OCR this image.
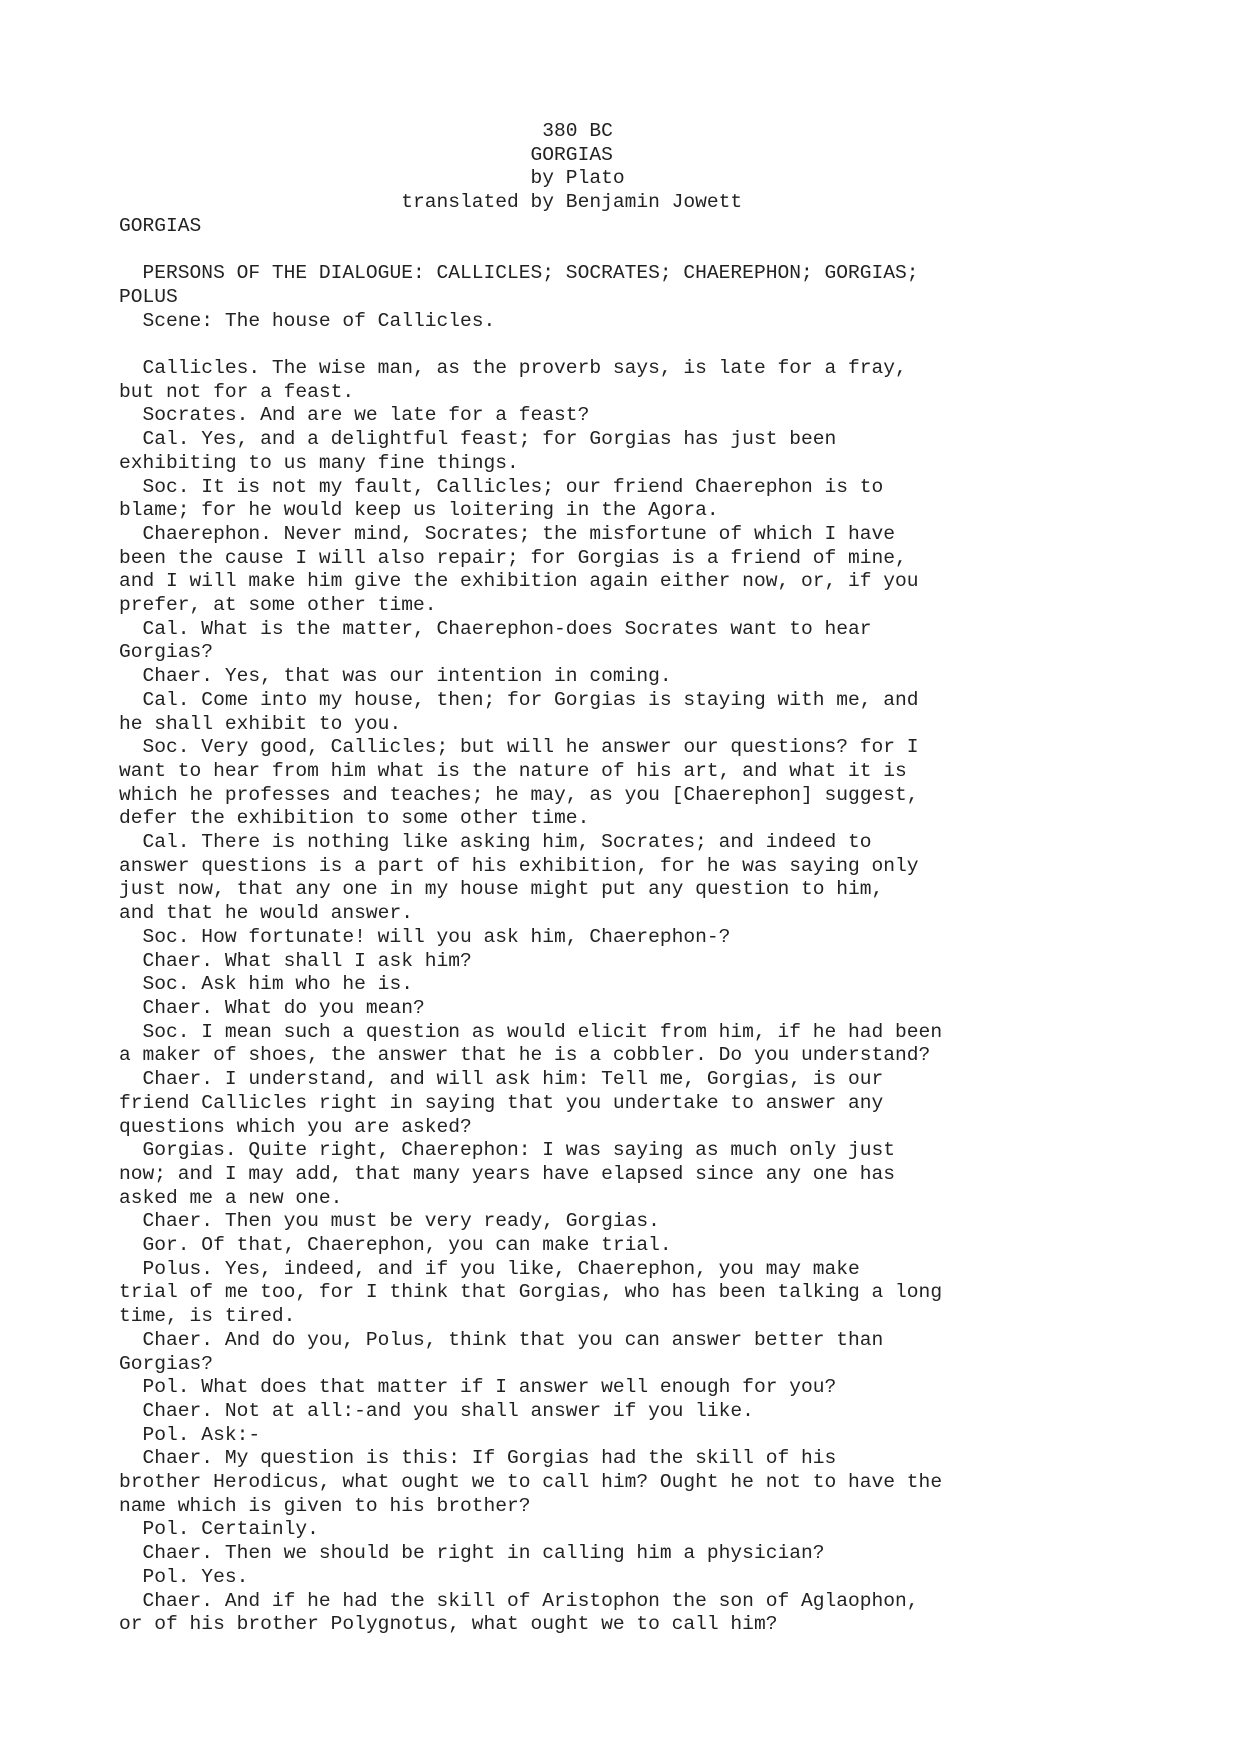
380 BC
GORGIAS
by Plato
translated by Benjamin Jowett
GORGIAS
PERSONS OF THE DIALOGUE: CALLICLES; SOCRATES; CHAEREPHON; GORGIAS;
POLUS
Scene: The house of Callicles.
Callicles. The wise man, as the proverb says, is late for a fray,
but not for a feast.
Socrates. And are we late for a feast?
Cal. Yes, and a delightful feast; for Gorgias has just been
exhibiting to us many fine things.
Soc. It is not my fault, Callicles; our friend Chaerephon is to
blame; for he would keep us loitering in the Agora.
Chaerephon. Never mind, Socrates; the misfortune of which I have
been the cause I will also repair; for Gorgias is a friend of mine,
and I will make him give the exhibition again either now, or, if you
prefer, at some other time.
Cal. What is the matter, Chaerephon-does Socrates want to hear
Gorgias?
Chaer. Yes, that was our intention in coming.
Cal. Come into my house, then; for Gorgias is staying with me, and
he shall exhibit to you.
Soc. Very good, Callicles; but will he answer our questions? for I
want to hear from him what is the nature of his art, and what it is
which he professes and teaches; he may, as you [Chaerephon] suggest,
defer the exhibition to some other time.
Cal. There is nothing like asking him, Socrates; and indeed to
answer questions is a part of his exhibition, for he was saying only
just now, that any one in my house might put any question to him,
and that he would answer.
Soc. How fortunate! will you ask him, Chaerephon-?
Chaer. What shall I ask him?
Soc. Ask him who he is.
Chaer. What do you mean?
Soc. I mean such a question as would elicit from him, if he had been
a maker of shoes, the answer that he is a cobbler. Do you understand?
Chaer. I understand, and will ask him: Tell me, Gorgias, is our
friend Callicles right in saying that you undertake to answer any
questions which you are asked?
Gorgias. Quite right, Chaerephon: I was saying as much only just
now; and I may add, that many years have elapsed since any one has
asked me a new one.
Chaer. Then you must be very ready, Gorgias.
Gor. Of that, Chaerephon, you can make trial.
Polus. Yes, indeed, and if you like, Chaerephon, you may make
trial of me too, for I think that Gorgias, who has been talking a long
time, is tired.
Chaer. And do you, Polus, think that you can answer better than
Gorgias?
Pol. What does that matter if I answer well enough for you?
Chaer. Not at all:-and you shall answer if you like.
Pol. Ask:-
Chaer. My question is this: If Gorgias had the skill of his
brother Herodicus, what ought we to call him? Ought he not to have the
name which is given to his brother?
Pol. Certainly.
Chaer. Then we should be right in calling him a physician?
Pol. Yes.
Chaer. And if he had the skill of Aristophon the son of Aglaophon,
or of his brother Polygnotus, what ought we to call him?
